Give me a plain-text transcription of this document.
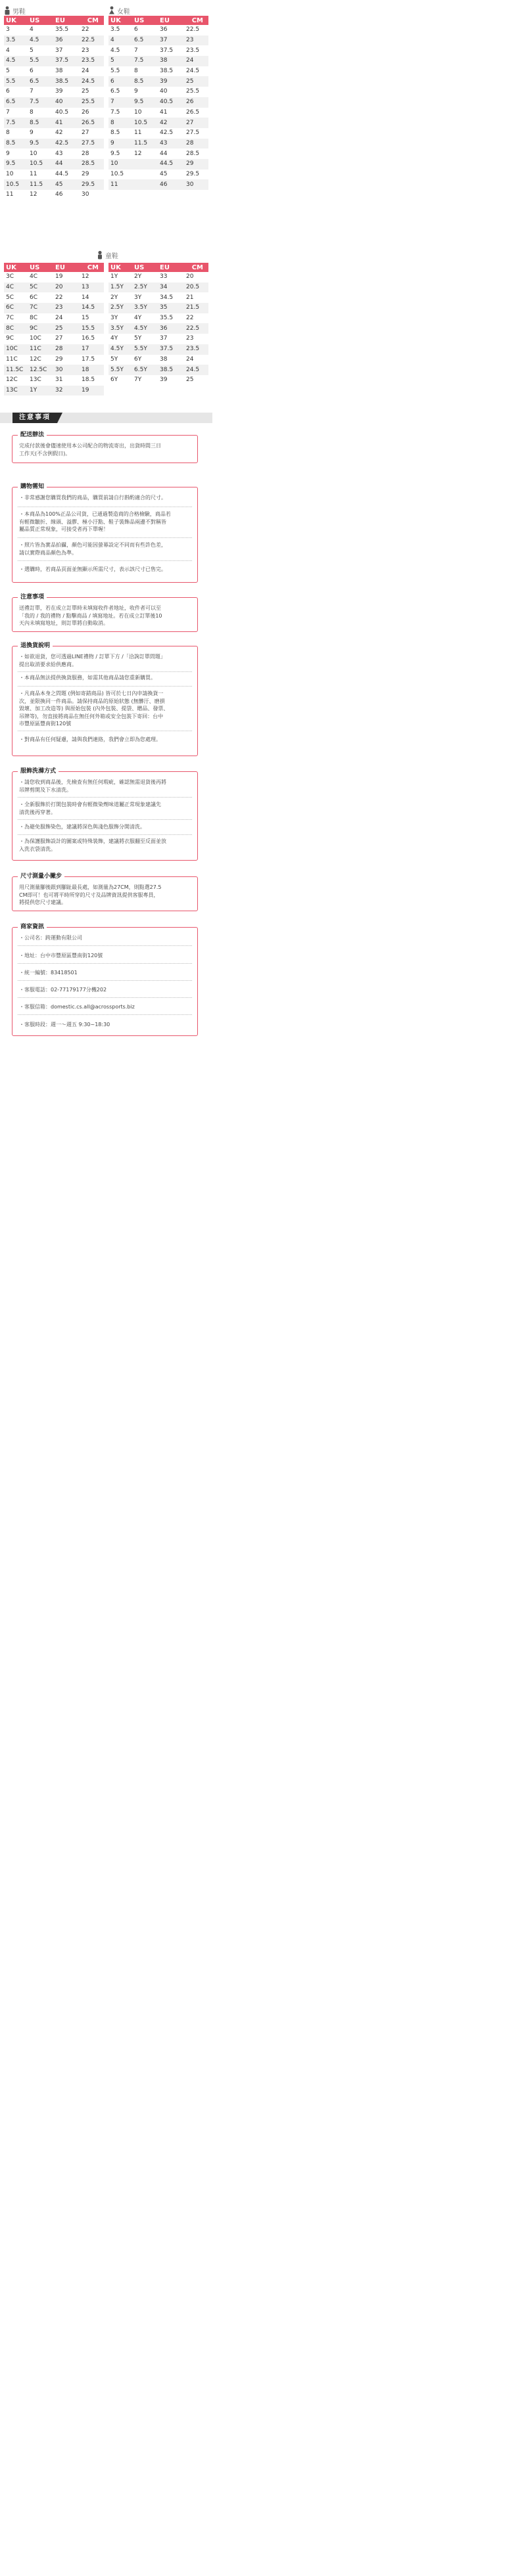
男鞋	女鞋
童鞋
UK	US	EU	CM
3	4	35.5	22
3.5	4.5	36	22.5
4	5	37	23
4.5	5.5	37.5	23.5
5	6	38	24
5.5	6.5	38.5	24.5
6	7	39	25
6.5	7.5	40	25.5
7	8	40.5	26
7.5	8.5	41	26.5
8	9	42	27
8.5	9.5	42.5	27.5
9	10	43	28
9.5	10.5	44	28.5
10	11	44.5	29
10.5	11.5	45	29.5
11	12	46	30
UK	US	EU	CM
3.5	6	36	22.5
4	6.5	37	23
4.5	7	37.5	23.5
5	7.5	38	24
5.5	8	38.5	24.5
6	8.5	39	25
6.5	9	40	25.5
7	9.5	40.5	26
7.5	10	41	26.5
8	10.5	42	27
8.5	11	42.5	27.5
9	11.5	43	28
9.5	12	44	28.5
10		44.5	29
10.5		45	29.5
11		46	30
UK	US	EU	CM
3C	4C	19	12
4C	5C	20	13
5C	6C	22	14
6C	7C	23	14.5
7C	8C	24	15
8C	9C	25	15.5
9C	10C	27	16.5
10C	11C	28	17
11C	12C	29	17.5
11.5C	12.5C	30	18
12C	13C	31	18.5
13C	1Y	32	19
UK	US	EU	CM
1Y	2Y	33	20
1.5Y	2.5Y	34	20.5
2Y	3Y	34.5	21
2.5Y	3.5Y	35	21.5
3Y	4Y	35.5	22
3.5Y	4.5Y	36	22.5
4Y	5Y	37	23
4.5Y	5.5Y	37.5	23.5
5Y	6Y	38	24
5.5Y	6.5Y	38.5	24.5
6Y	7Y	39	25
注意事項
配送辦法
完成付款後會儘速使用本公司配合的物流寄出，出貨時間三日
工作天(不含例假日)。
購物需知
・非常感謝您購買我們的商品，購買前請自行斟酌適合的尺寸。
・本商品為100%正品公司貨，已通過製造商的合格檢驗，商品若
有輕微皺折、線頭、溢膠、極小汙點、鞋子裝飾品兩邊不對稱皆
屬品質正常現象，可接受者再下單喔！
・照片皆為實品拍攝，顏色可能因螢幕設定不同而有些許色差，
請以實際商品顏色為準。
・選購時，若商品頁面並無顯示所需尺寸，表示該尺寸已售完。
注意事項
送禮訂單，若在成立訂單時未填寫收件者地址，收件者可以至
「我的 / 我的禮物 / 點擊商品 / 填寫地址。若在成立訂單後10
天內未填寫地址，則訂單將自動取消。
退換貨說明
・如欲退貨，您可透過LINE禮物 / 訂單下方 /「洽詢訂單問題」
提出取消要求給供應商。
・本商品無法提供換貨服務，如需其他商品請您重新購買。
・凡商品本身之問題 (例如寄錯商品) 皆可於七日內申請換貨一
次，並限換同一件商品。請保持商品的原始狀態 (無髒汙、磨損
毀壞、加工改造等) 與原始包裝 (內外包裝、提袋、贈品、發票、
吊牌等)，勿直接將商品在無任何外箱或安全包裝下寄回：台中
市豐原區豐南街120號
・對商品有任何疑慮，請與我們連絡，我們會立即為您處理。
服飾洗滌方式
・請您收到商品後，先檢查有無任何瑕疵，確認無需退貨後再將
吊牌剪開及下水清洗。
・全新服飾於打開包裝時會有輕微染劑味道屬正常現象建議先
清洗後再穿著。
・為避免服飾染色，建議將深色與淺色服飾分開清洗。
・為保護服飾設計的圖案或特殊裝飾，建議將衣服翻至反面並放
入洗衣袋清洗。
尺寸測量小撇步
用尺測量腳後跟到腳趾最長處，如測量為27CM，則點選27.5
CM即可！也可將平時所穿的尺寸及品牌資訊提供客服專員，
將提供您尺寸建議。
商家資訊
・公司名：跨運動有限公司
・地址：台中市豐原區豐南街120號
・統一編號：83418501
・客服電話：02-77179177分機202
・客服信箱：domestic.cs.all@acrossports.biz
・客服時段：週一～週五 9:30~18:30
